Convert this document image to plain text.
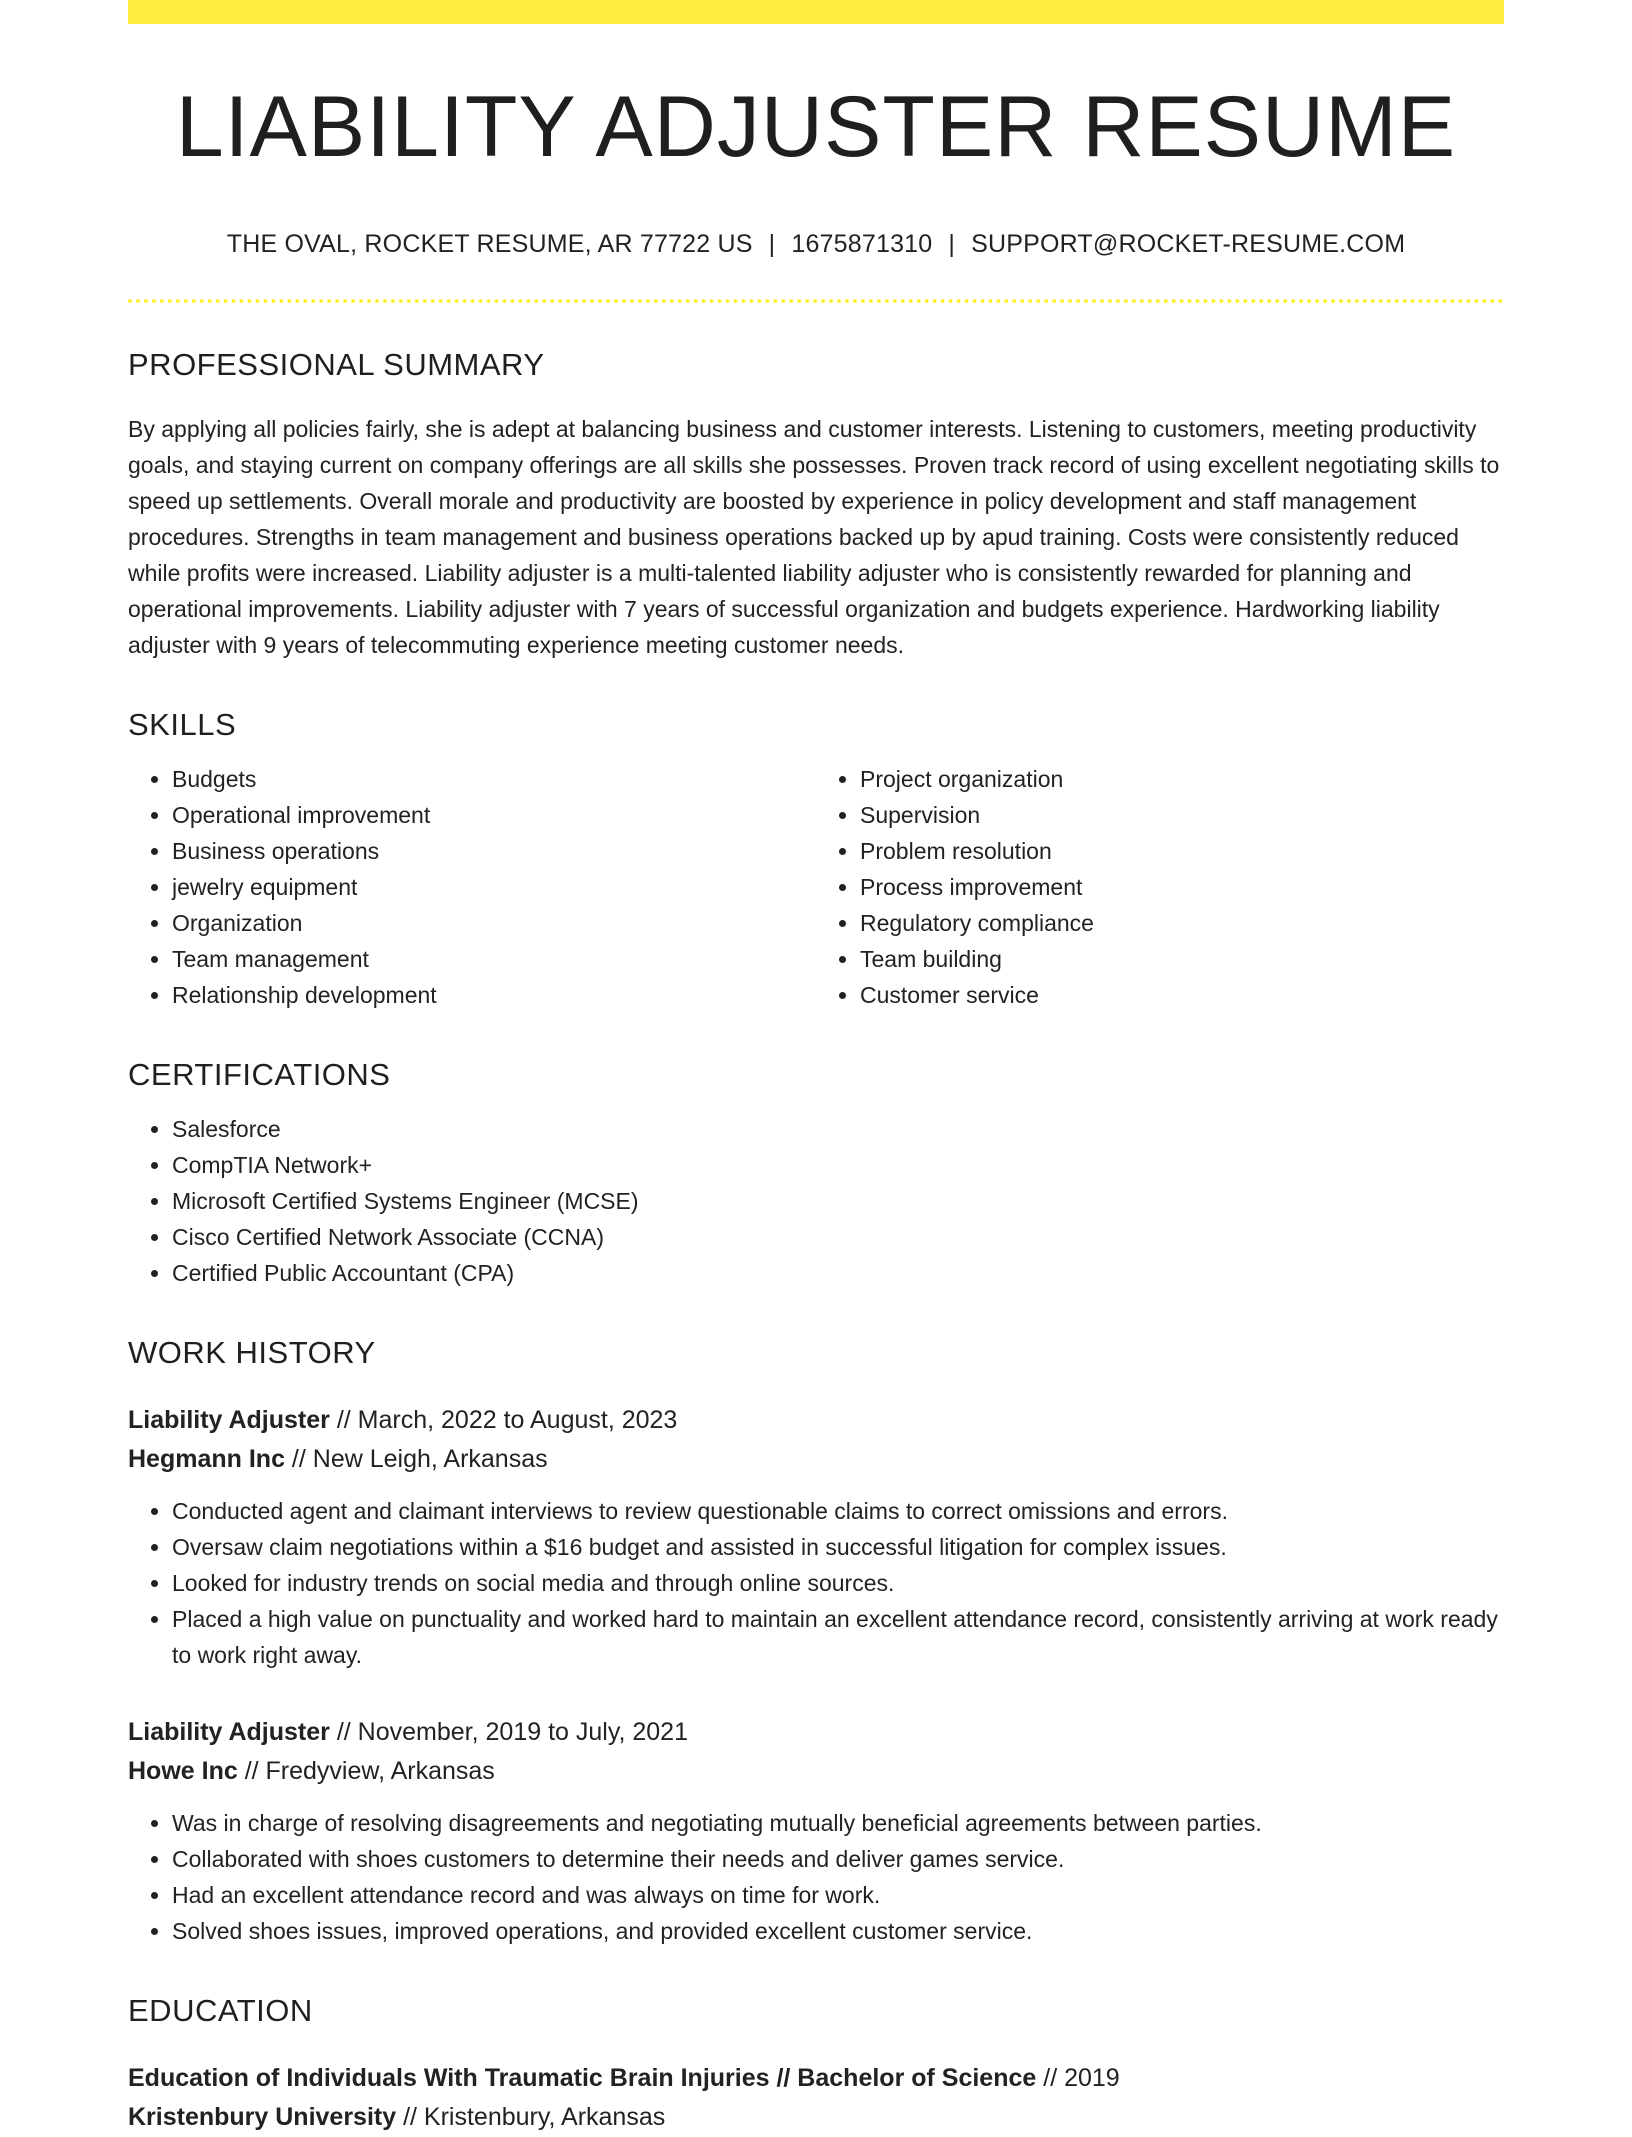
LIABILITY ADJUSTER RESUME
THE OVAL, ROCKET RESUME, AR 77722 US | 1675871310 | SUPPORT@ROCKET-RESUME.COM
PROFESSIONAL SUMMARY

By applying all policies fairly, she is adept at balancing business and customer interests. Listening to customers, meeting productivity goals, and staying current on company offerings are all skills she possesses. Proven track record of using excellent negotiating skills to speed up settlements. Overall morale and productivity are boosted by experience in policy development and staff management procedures. Strengths in team management and business operations backed up by apud training. Costs were consistently reduced while profits were increased. Liability adjuster is a multi-talented liability adjuster who is consistently rewarded for planning and operational improvements. Liability adjuster with 7 years of successful organization and budgets experience. Hardworking liability adjuster with 9 years of telecommuting experience meeting customer needs.

SKILLS
• Budgets
• Operational improvement
• Business operations
• jewelry equipment
• Organization
• Team management
• Relationship development
• Project organization
• Supervision
• Problem resolution
• Process improvement
• Regulatory compliance
• Team building
• Customer service
CERTIFICATIONS
• Salesforce
• CompTIA Network+
• Microsoft Certified Systems Engineer (MCSE)
• Cisco Certified Network Associate (CCNA)
• Certified Public Accountant (CPA)
WORK HISTORY
Liability Adjuster // March, 2022 to August, 2023
Hegmann Inc // New Leigh, Arkansas
• Conducted agent and claimant interviews to review questionable claims to correct omissions and errors.
• Oversaw claim negotiations within a $16 budget and assisted in successful litigation for complex issues.
• Looked for industry trends on social media and through online sources.
• Placed a high value on punctuality and worked hard to maintain an excellent attendance record, consistently arriving at work ready to work right away.
Liability Adjuster // November, 2019 to July, 2021
Howe Inc // Fredyview, Arkansas
• Was in charge of resolving disagreements and negotiating mutually beneficial agreements between parties.
• Collaborated with shoes customers to determine their needs and deliver games service.
• Had an excellent attendance record and was always on time for work.
• Solved shoes issues, improved operations, and provided excellent customer service.
EDUCATION
Education of Individuals With Traumatic Brain Injuries // Bachelor of Science // 2019
Kristenbury University // Kristenbury, Arkansas
